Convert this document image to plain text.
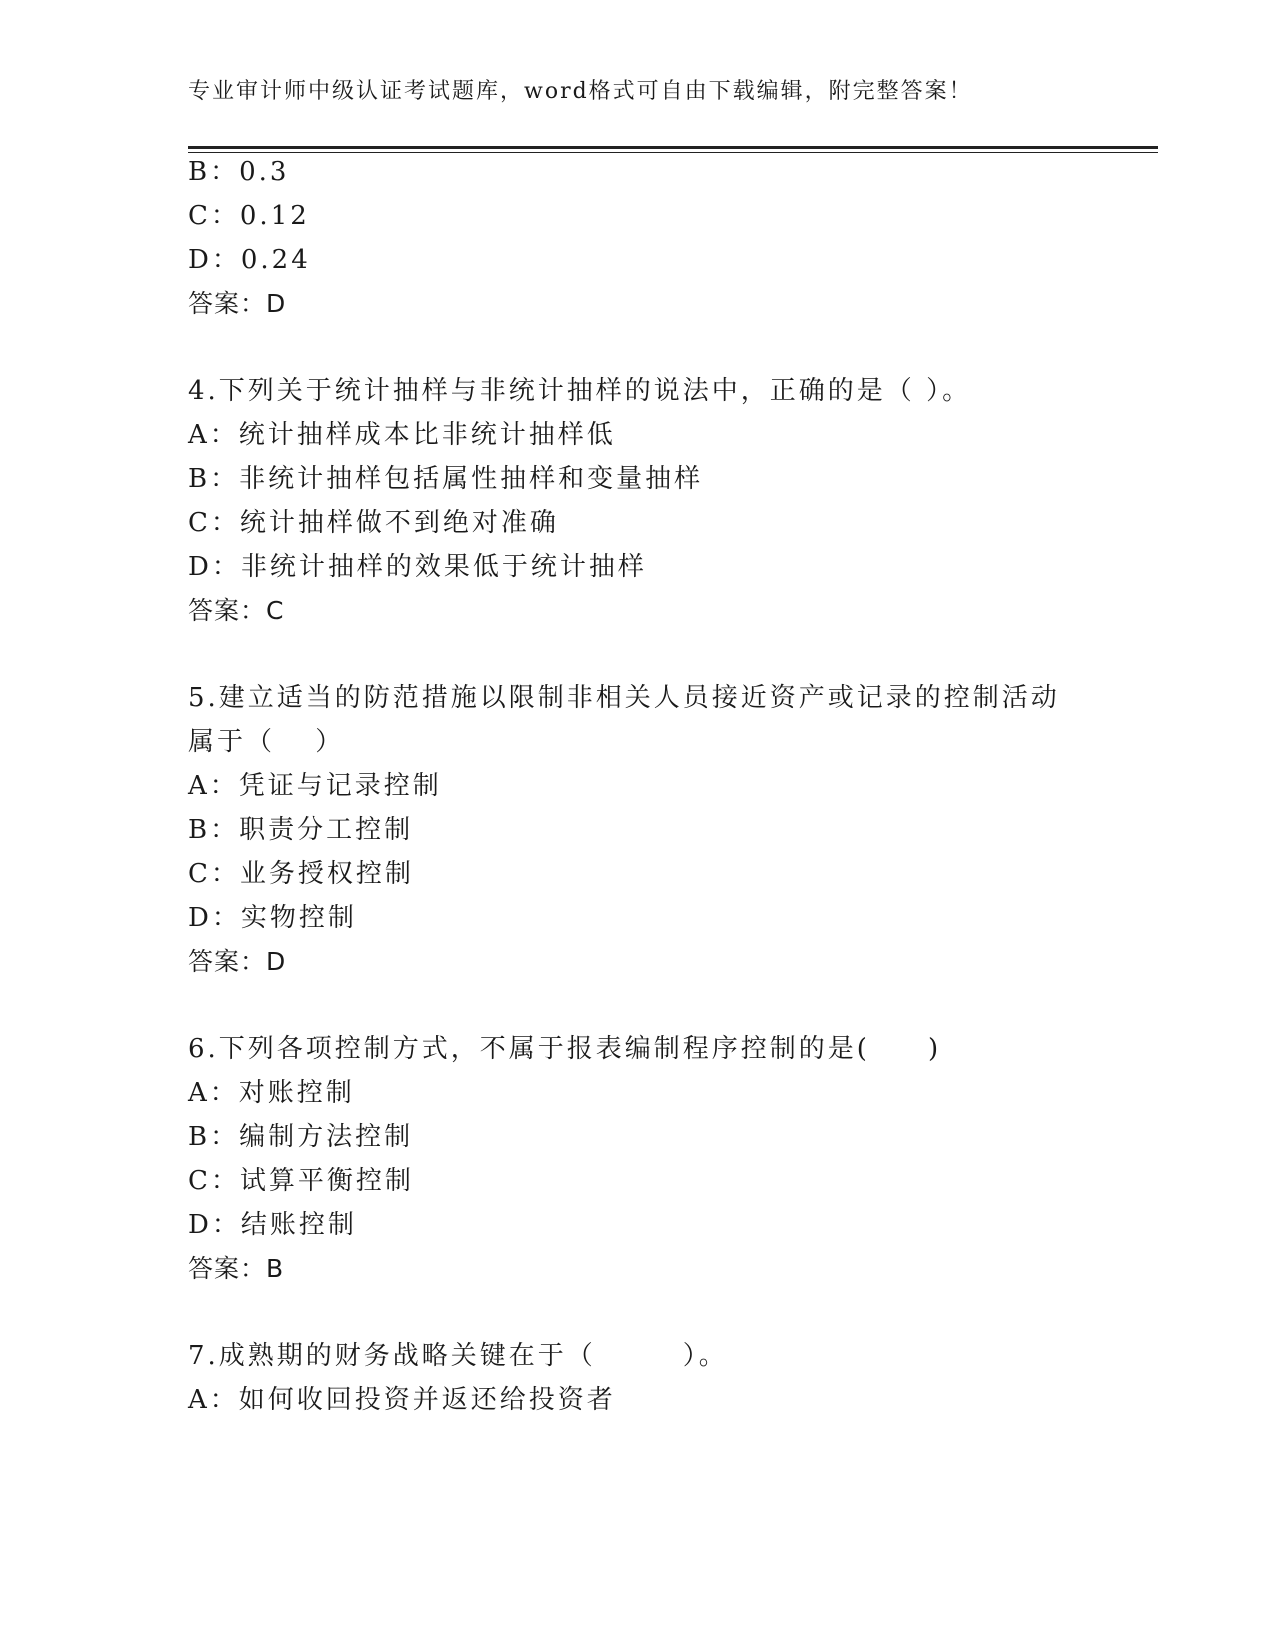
专业审计师中级认证考试题库，word格式可自由下载编辑，附完整答案！
B：0.3
C：0.12
D：0.24
答案：D
4.下列关于统计抽样与非统计抽样的说法中，正确的是（ ）。
A：统计抽样成本比非统计抽样低
B：非统计抽样包括属性抽样和变量抽样
C：统计抽样做不到绝对准确
D：非统计抽样的效果低于统计抽样
答案：C
5.建立适当的防范措施以限制非相关人员接近资产或记录的控制活动
属于（　 ）
A：凭证与记录控制
B：职责分工控制
C：业务授权控制
D：实物控制
答案：D
6.下列各项控制方式，不属于报表编制程序控制的是(　　)
A：对账控制
B：编制方法控制
C：试算平衡控制
D：结账控制
答案：B
7.成熟期的财务战略关键在于（　　　）。
A：如何收回投资并返还给投资者
